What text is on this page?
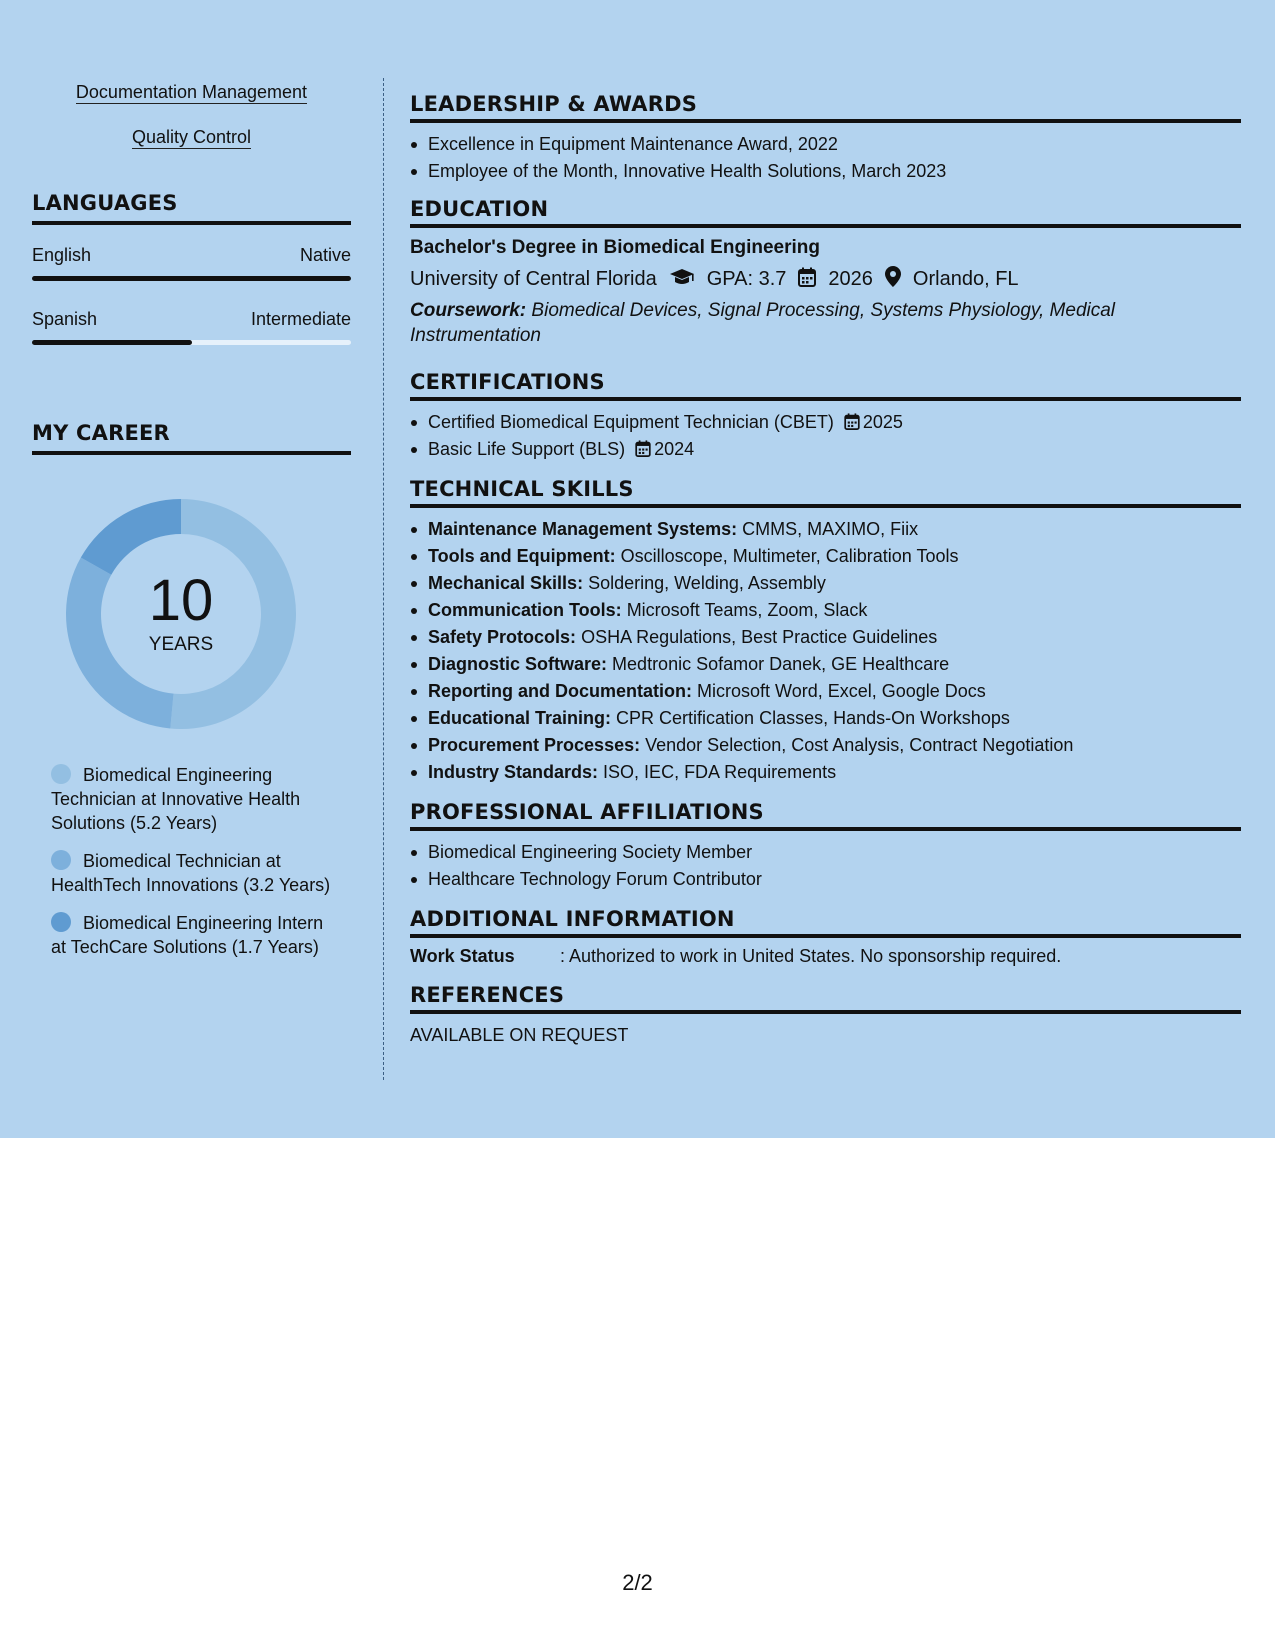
Documentation Management
Quality Control
LANGUAGES
English	Native
Spanish	Intermediate
MY CAREER
10
YEARS
Biomedical Engineering Technician at Innovative Health Solutions (5.2 Years)
Biomedical Technician at HealthTech Innovations (3.2 Years)
Biomedical Engineering Intern at TechCare Solutions (1.7 Years)
LEADERSHIP & AWARDS
Excellence in Equipment Maintenance Award, 2022
Employee of the Month, Innovative Health Solutions, March 2023
EDUCATION
Bachelor's Degree in Biomedical Engineering
University of Central Florida	GPA: 3.7 2026 Orlando, FL
Coursework: Biomedical Devices, Signal Processing, Systems Physiology, Medical Instrumentation
CERTIFICATIONS
Certified Biomedical Equipment Technician (CBET) 2025
Basic Life Support (BLS) 2024
TECHNICAL SKILLS
Maintenance Management Systems: CMMS, MAXIMO, Fiix
Tools and Equipment: Oscilloscope, Multimeter, Calibration Tools
Mechanical Skills: Soldering, Welding, Assembly
Communication Tools: Microsoft Teams, Zoom, Slack
Safety Protocols: OSHA Regulations, Best Practice Guidelines
Diagnostic Software: Medtronic Sofamor Danek, GE Healthcare
Reporting and Documentation: Microsoft Word, Excel, Google Docs
Educational Training: CPR Certification Classes, Hands-On Workshops
Procurement Processes: Vendor Selection, Cost Analysis, Contract Negotiation
Industry Standards: ISO, IEC, FDA Requirements
PROFESSIONAL AFFILIATIONS
Biomedical Engineering Society Member
Healthcare Technology Forum Contributor
ADDITIONAL INFORMATION
Work Status	: Authorized to work in United States. No sponsorship required.
REFERENCES
AVAILABLE ON REQUEST
2/2
